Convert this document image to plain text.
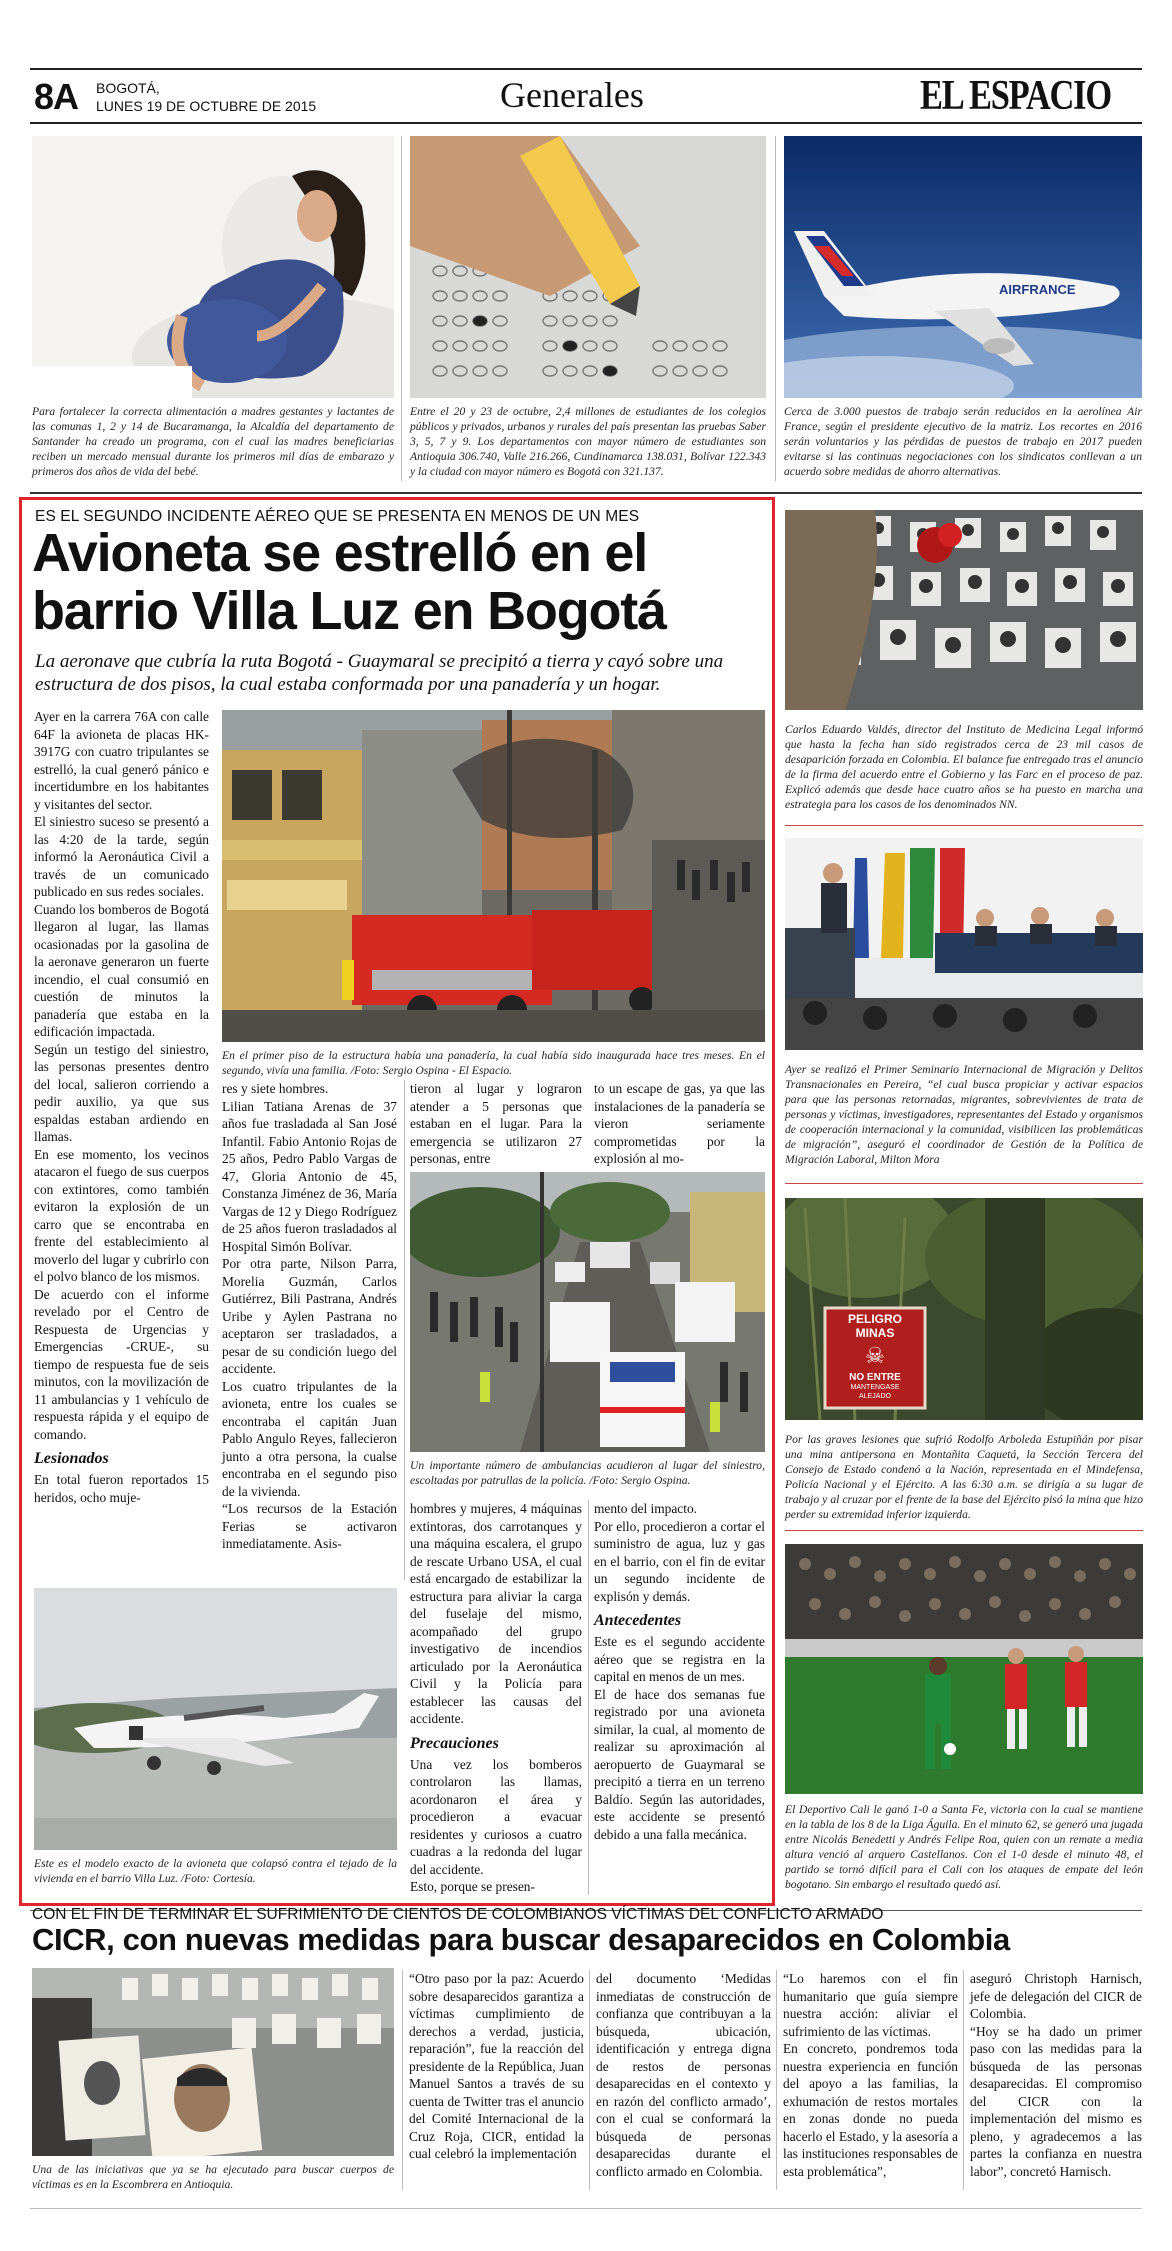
8A BOGOTÁ,
LUNES 19 DE OCTUBRE DE 2015	Generales	EL ESPACIO
Para fortalecer la correcta alimentación a madres gestantes y lactantes de las comunas 1, 2 y 14 de Bucaramanga, la Alcaldía del departamento de Santander ha creado un programa, con el cual las madres beneficiarias reciben un mercado mensual durante los primeros mil días de embarazo y primeros dos años de vida del bebé.
Entre el 20 y 23 de octubre, 2,4 millones de estudiantes de los colegios públicos y privados, urbanos y rurales del país presentan las pruebas Saber 3, 5, 7 y 9. Los departamentos con mayor número de estudiantes son Antioquia 306.740, Valle 216.266, Cundinamarca 138.031, Bolívar 122.343 y la ciudad con mayor número es Bogotá con 321.137.
AIRFRANCE
Cerca de 3.000 puestos de trabajo serán reducidos en la aerolínea Air France, según el presidente ejecutivo de la matriz. Los recortes en 2016 serán voluntarios y las pérdidas de puestos de trabajo en 2017 pueden evitarse si las continuas negociaciones con los sindicatos conllevan a un acuerdo sobre medidas de ahorro alternativas.
ES EL SEGUNDO INCIDENTE AÉREO QUE SE PRESENTA EN MENOS DE UN MES
Avioneta se estrelló en el
barrio Villa Luz en Bogotá
La aeronave que cubría la ruta Bogotá - Guaymaral se precipitó a tierra y cayó sobre una estructura de dos pisos, la cual estaba conformada por una panadería y un hogar.

Ayer en la carrera 76A con calle 64F la avioneta de placas HK-3917G con cuatro tripulantes se estrelló, la cual generó pánico e incertidumbre en los habitantes y visitantes del sector.

El siniestro suceso se presentó a las 4:20 de la tarde, según informó la Aeronáutica Civil a través de un comunicado publicado en sus redes sociales.

Cuando los bomberos de Bogotá llegaron al lugar, las llamas ocasionadas por la gasolina de la aeronave generaron un fuerte incendio, el cual consumió en cuestión de minutos la panadería que estaba en la edificación impactada.

Según un testigo del siniestro, las personas presentes dentro del local, salieron corriendo a pedir auxilio, ya que sus espaldas estaban ardiendo en llamas.

En ese momento, los vecinos atacaron el fuego de sus cuerpos con extintores, como también evitaron la explosión de un carro que se encontraba en frente del establecimiento al moverlo del lugar y cubrirlo con el polvo blanco de los mismos.

De acuerdo con el informe revelado por el Centro de Respuesta de Urgencias y Emergencias -CRUE-, su tiempo de respuesta fue de seis minutos, con la movilización de 11 ambulancias y 1 vehículo de respuesta rápida y el equipo de comando.

Lesionados

En total fueron reportados 15 heridos, ocho muje-

En el primer piso de la estructura había una panadería, la cual había sido inaugurada hace tres meses. En el segundo, vivía una familia. /Foto: Sergio Ospina - El Espacio.

res y siete hombres.

Lilian Tatiana Arenas de 37 años fue trasladada al San José Infantil. Fabio Antonio Rojas de 25 años, Pedro Pablo Vargas de 47, Gloria Antonio de 45, Constanza Jiménez de 36, María Vargas de 12 y Diego Rodríguez de 25 años fueron trasladados al Hospital Simón Bolívar.

Por otra parte, Nilson Parra, Morelia Guzmán, Carlos Gutiérrez, Bili Pastrana, Andrés Uribe y Aylen Pastrana no aceptaron ser trasladados, a pesar de su condición luego del accidente.

Los cuatro tripulantes de la avioneta, entre los cuales se encontraba el capitán Juan Pablo Angulo Reyes, fallecieron junto a otra persona, la cualse encontraba en el segundo piso de la vivienda.

“Los recursos de la Estación Ferias se activaron inmediatamente. Asis-

tieron al lugar y lograron atender a 5 personas que estaban en el lugar. Para la emergencia se utilizaron 27 personas, entre
to un escape de gas, ya que las instalaciones de la panadería se vieron seriamente comprometidas por la explosión al mo-
Un importante número de ambulancias acudieron al lugar del siniestro, escoltadas por patrullas de la policía. /Foto: Sergio Ospina.

hombres y mujeres, 4 máquinas extintoras, dos carrotanques y una máquina escalera, el grupo de rescate Urbano USA, el cual está encargado de estabilizar la estructura para aliviar la carga del fuselaje del mismo, acompañado del grupo investigativo de incendios articulado por la Aeronáutica Civil y la Policía para establecer las causas del accidente.

Precauciones

Una vez los bomberos controlaron las llamas, acordonaron el área y procedieron a evacuar residentes y curiosos a cuatro cuadras a la redonda del lugar del accidente.

Esto, porque se presen-

mento del impacto.

Por ello, procedieron a cortar el suministro de agua, luz y gas en el barrio, con el fin de evitar un segundo incidente de explisón y demás.

Antecedentes

Este es el segundo accidente aéreo que se registra en la capital en menos de un mes.

El de hace dos semanas fue registrado por una avioneta similar, la cual, al momento de realizar su aproximación al aeropuerto de Guaymaral se precipitó a tierra en un terreno Baldío. Según las autoridades, este accidente se presentó debido a una falla mecánica.

Este es el modelo exacto de la avioneta que colapsó contra el tejado de la vivienda en el barrio Villa Luz. /Foto: Cortesía.
Carlos Eduardo Valdés, director del Instituto de Medicina Legal informó que hasta la fecha han sido registrados cerca de 23 mil casos de desaparición forzada en Colombia. El balance fue entregado tras el anuncio de la firma del acuerdo entre el Gobierno y las Farc en el proceso de paz. Explicó además que desde hace cuatro años se ha puesto en marcha una estrategia para los casos de los denominados NN.
Ayer se realizó el Primer Seminario Internacional de Migración y Delitos Transnacionales en Pereira, “el cual busca propiciar y activar espacios para que las personas retornadas, migrantes, sobrevivientes de trata de personas y víctimas, investigadores, representantes del Estado y organismos de cooperación internacional y la comunidad, visibilicen las problemáticas de migración”, aseguró el coordinador de Gestión de la Política de Migración Laboral, Milton Mora
PELIGRO
MINAS
☠
NO ENTRE
MANTENGASE
ALEJADO
Por las graves lesiones que sufrió Rodolfo Arboleda Estupiñán por pisar una mina antipersona en Montañita Caquetá, la Sección Tercera del Consejo de Estado condenó a la Nación, representada en el Mindefensa, Policía Nacional y el Ejército. A las 6:30 a.m. se dirigía a su lugar de trabajo y al cruzar por el frente de la base del Ejército pisó la mina que hizo perder su extremidad inferior izquierda.
El Deportivo Cali le ganó 1-0 a Santa Fe, victoria con la cual se mantiene en la tabla de los 8 de la Liga Águila. En el minuto 62, se generó una jugada entre Nicolás Benedetti y Andrés Felipe Roa, quien con un remate a media altura venció al arquero Castellanos. Con el 1-0 desde el minuto 48, el partido se tornó difícil para el Cali con los ataques de empate del león bogotano. Sin embargo el resultado quedó así.
CON EL FIN DE TERMINAR EL SUFRIMIENTO DE CIENTOS DE COLOMBIANOS VÍCTIMAS DEL CONFLICTO ARMADO
CICR, con nuevas medidas para buscar desaparecidos en Colombia
Una de las iniciativas que ya se ha ejecutado para buscar cuerpos de víctimas es en la Escombrera en Antioquia.
“Otro paso por la paz: Acuerdo sobre desaparecidos garantiza a víctimas cumplimiento de derechos a verdad, justicia, reparación”, fue la reacción del presidente de la República, Juan Manuel Santos a través de su cuenta de Twitter tras el anuncio del Comité Internacional de la Cruz Roja, CICR, entidad la cual celebró la implementación
del documento ‘Medidas inmediatas de construcción de confianza que contribuyan a la búsqueda, ubicación, identificación y entrega digna de restos de personas desaparecidas en el contexto y en razón del conflicto armado’, con el cual se conformará la búsqueda de personas desaparecidas durante el conflicto armado en Colombia.

“Lo haremos con el fin humanitario que guía siempre nuestra acción: aliviar el sufrimiento de las víctimas.

En concreto, pondremos toda nuestra experiencia en función del apoyo a las familias, la exhumación de restos mortales en zonas donde no pueda hacerlo el Estado, y la asesoría a las instituciones responsables de esta problemática”,

aseguró Christoph Harnisch, jefe de delegación del CICR de Colombia.

“Hoy se ha dado un primer paso con las medidas para la búsqueda de las personas desaparecidas. El compromiso del CICR con la implementación del mismo es pleno, y agradecemos a las partes la confianza en nuestra labor”, concretó Harnisch.
